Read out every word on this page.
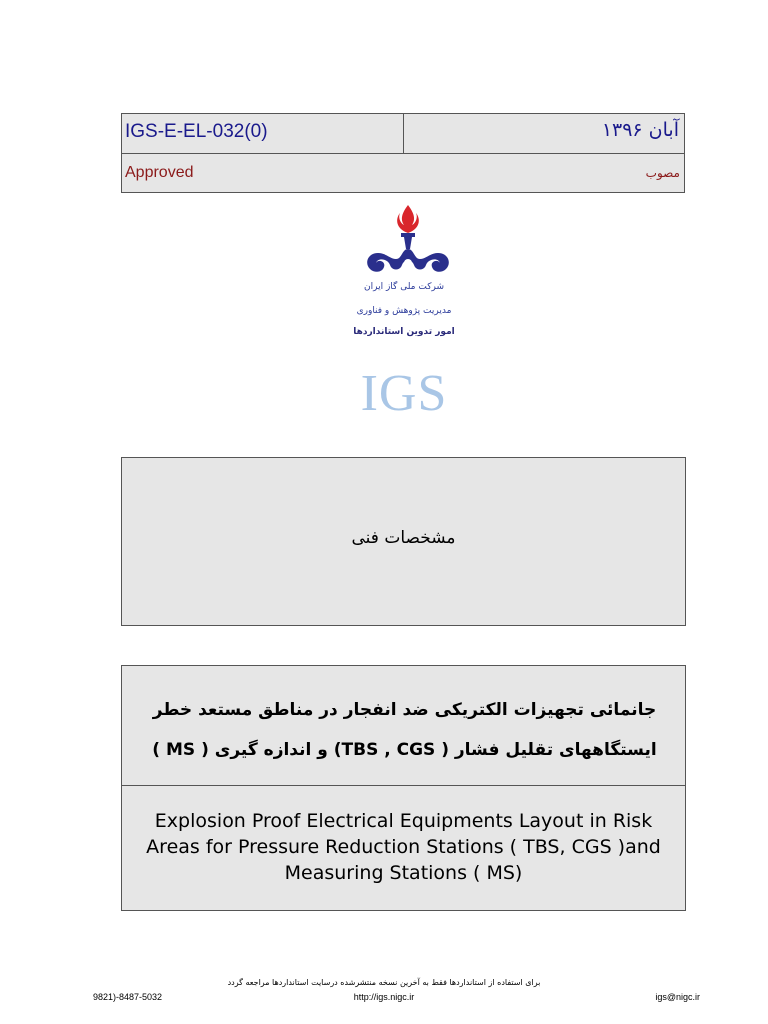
IGS-E-EL-032(0)	آبان ۱۳۹۶
Approved	مصوب
شرکت ملی گاز ایران
مدیریت پژوهش و فناوری
امور تدوین استانداردها
IGS
مشخصات فنی
جانمائی تجهیزات الکتریکی ضد انفجار در مناطق مستعد خطر ایستگاههای تقلیل فشار ( TBS , CGS) و اندازه گیری ( MS )
Explosion Proof Electrical Equipments Layout in Risk Areas for Pressure Reduction Stations ( TBS, CGS )and Measuring Stations ( MS)
برای استفاده از استانداردها فقط به آخرین نسخه منتشرشده درسایت استانداردها مراجعه گردد
http://igs.nigc.ir
9821)-8487-5032	igs@nigc.ir
